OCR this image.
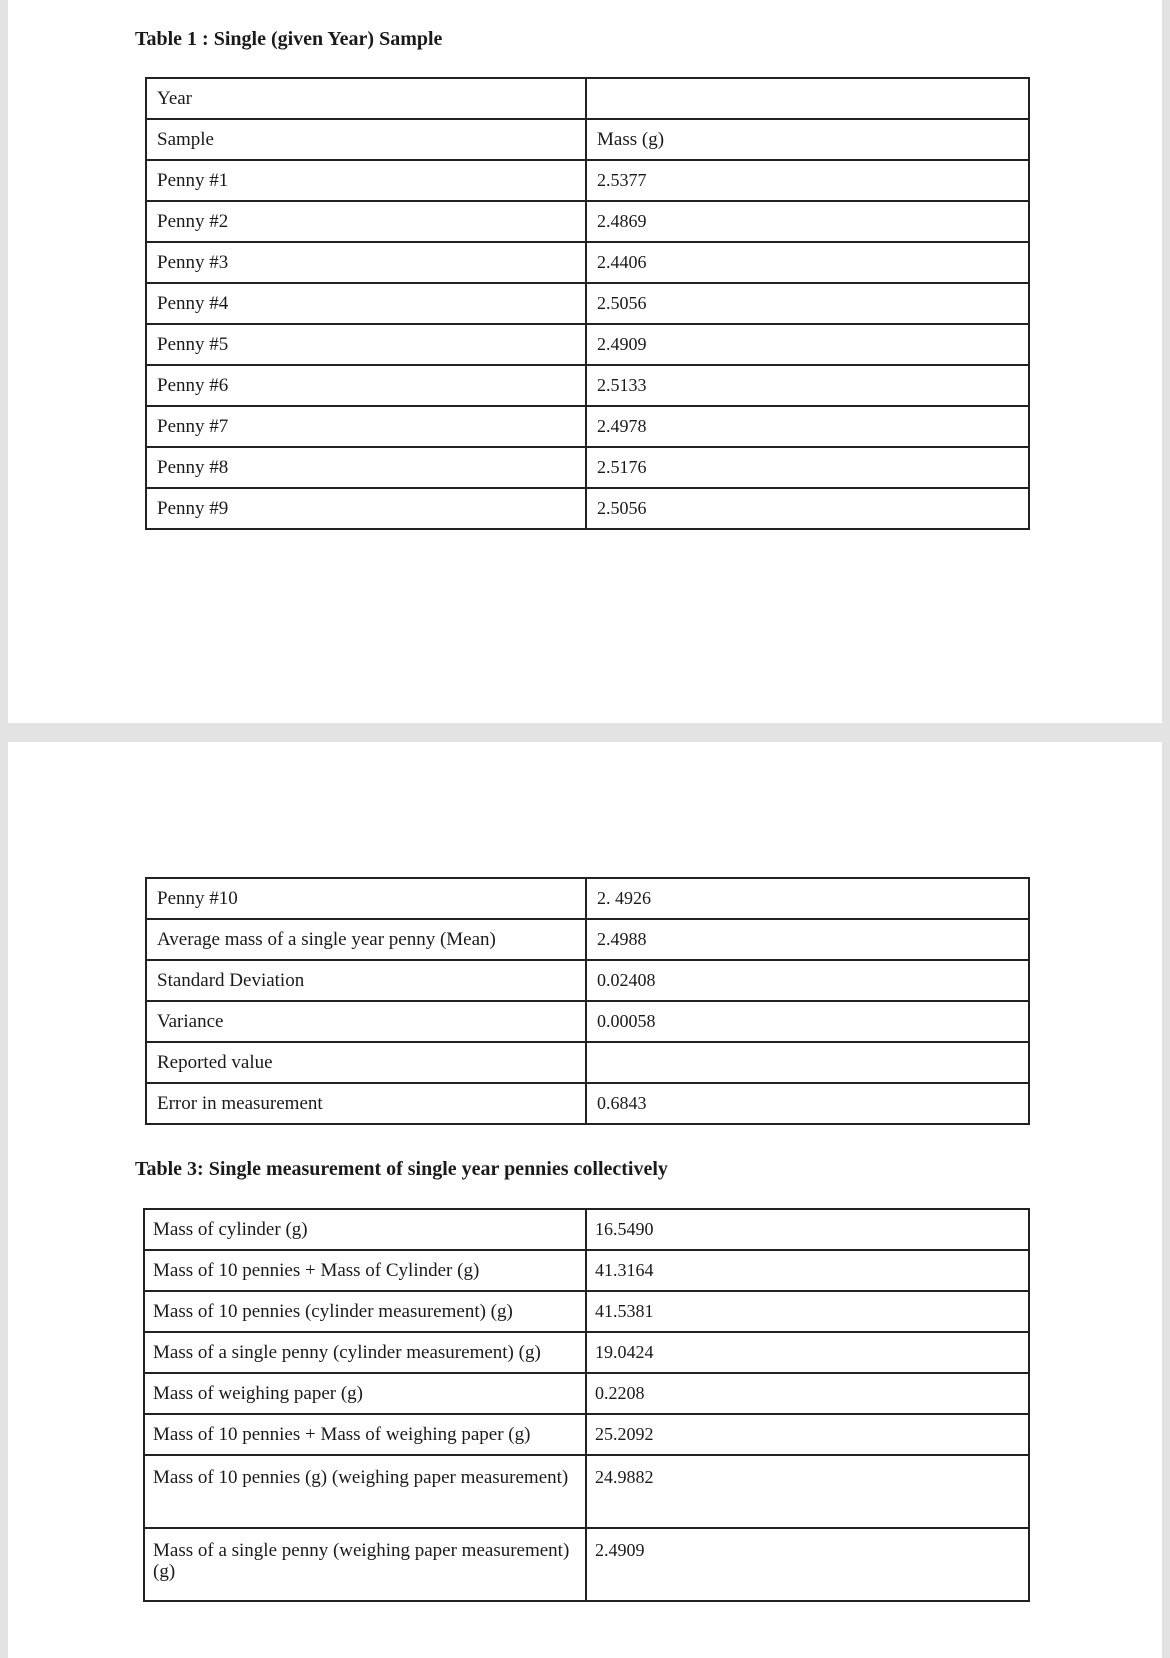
Table 1 : Single (given Year) Sample
Year	
Sample	Mass (g)
Penny #1	2.5377
Penny #2	2.4869
Penny #3	2.4406
Penny #4	2.5056
Penny #5	2.4909
Penny #6	2.5133
Penny #7	2.4978
Penny #8	2.5176
Penny #9	2.5056
Penny #10	2. 4926
Average mass of a single year penny (Mean)	2.4988
Standard Deviation	0.02408
Variance	0.00058
Reported value	
Error in measurement	0.6843
Table 3: Single measurement of single year pennies collectively
Mass of cylinder (g)	16.5490
Mass of 10 pennies + Mass of Cylinder (g)	41.3164
Mass of 10 pennies (cylinder measurement) (g)	41.5381
Mass of a single penny (cylinder measurement) (g)	19.0424
Mass of weighing paper (g)	0.2208
Mass of 10 pennies + Mass of weighing paper (g)	25.2092
Mass of 10 pennies (g) (weighing paper measurement)	24.9882
Mass of a single penny (weighing paper measurement) (g)	2.4909
